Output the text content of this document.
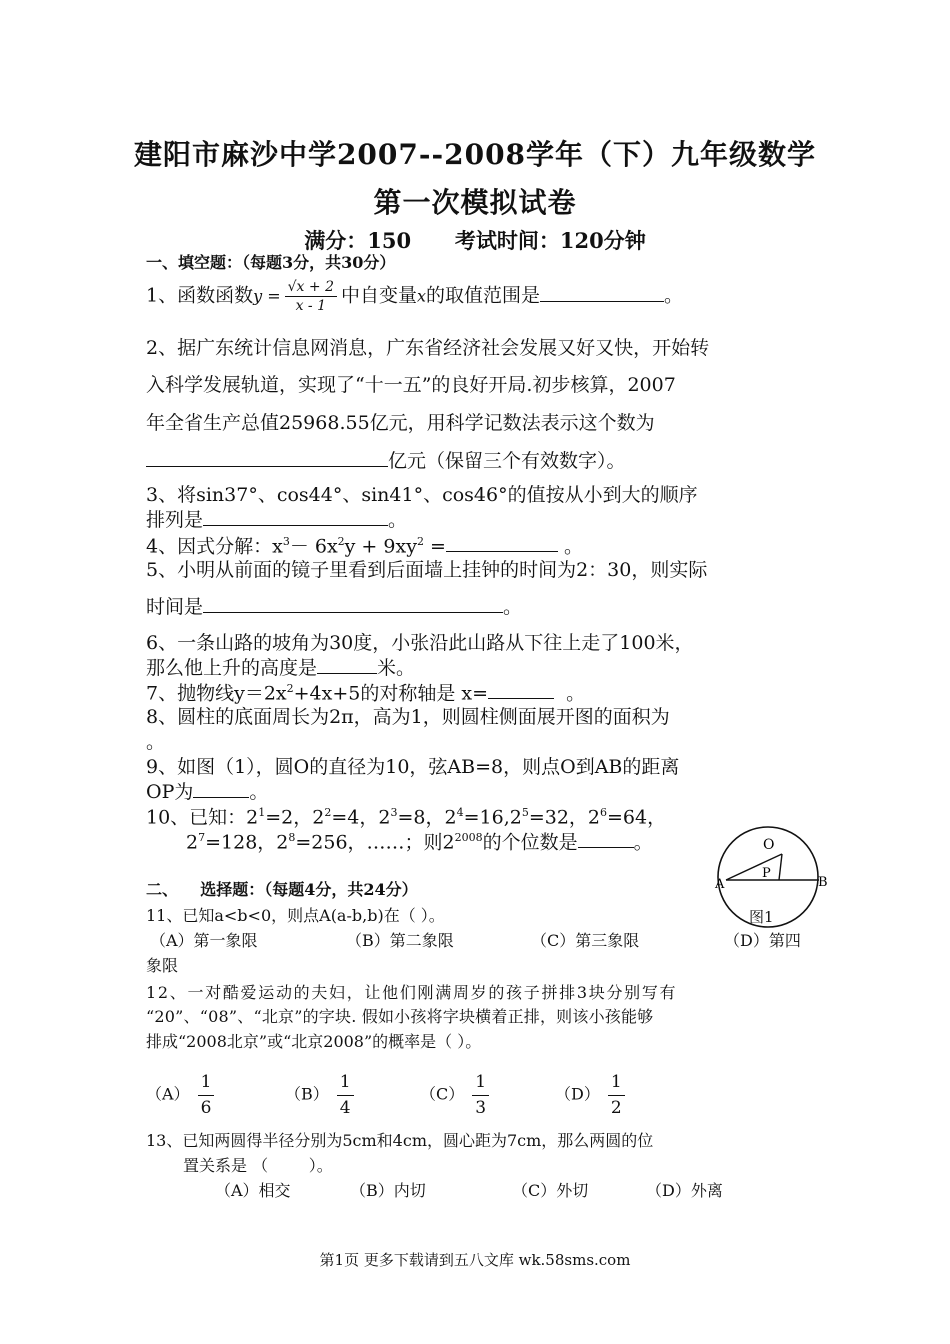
建阳市麻沙中学2007--2008学年（下）九年级数学
第一次模拟试卷
满分：150      考试时间：120分钟
一、填空题：（每题3分，共30分）
1、函数函数$y = \frac{√x + 2}{x - 1}$ 中自变量x的取值范围是	。
2、据广东统计信息网消息，广东省经济社会发展又好又快，开始转
入科学发展轨道，实现了“十一五”的良好开局.初步核算，2007
年全省生产总值25968.55亿元，用科学记数法表示这个数为
亿元（保留三个有效数字）。
3、将sin37°、cos44°、sin41°、cos46°的值按从小到大的顺序
排列是	。
4、因式分解：$x^3- 6x^2y + 9xy^2$ =	。
5、小明从前面的镜子里看到后面墙上挂钟的时间为2：30，则实际
时间是	。
6、一条山路的坡角为30度，小张沿此山路从下往上走了100米，
那么他上升的高度是	米。
7、抛物线$y=2x^2+4x+5$的对称轴是 x=	。
8、圆柱的底面周长为2π，高为1，则圆柱侧面展开图的面积为
。
9、如图（1），圆O的直径为10，弦AB=8，则点O到AB的距离
OP为	。
10、已知：$2^1=2$，$2^2=4$，$2^3=8$，$2^4=16,2^5=32$，$2^6=64$，
$2^7=128$，$2^8=256$，……；则$2^{2008}$的个位数是	。	O
P
A	B
图1
二、    选择题：（每题4分，共24分）
11、已知a<b<0，则点A(a-b,b)在（ ）。
（A）第一象限	（B）第二象限	（C）第三象限	（D）第四
象限
12、一对酷爱运动的夫妇，让他们刚满周岁的孩子拼排3块分别写有
“20”、“08”、“北京”的字块. 假如小孩将字块横着正排，则该小孩能够
排成“2008北京”或“北京2008”的概率是（ ）。
$(A) \frac{1}{6}$	$(B) \frac{1}{4}$	$(C) \frac{1}{3}$	$(D) \frac{1}{2}$
13、已知两圆得半径分别为5cm和4cm，圆心距为7cm，那么两圆的位
置关系是 （        ）。
（A）相交	（B）内切	（C）外切	（D）外离
第1页 更多下载请到五八文库 wk.58sms.com
